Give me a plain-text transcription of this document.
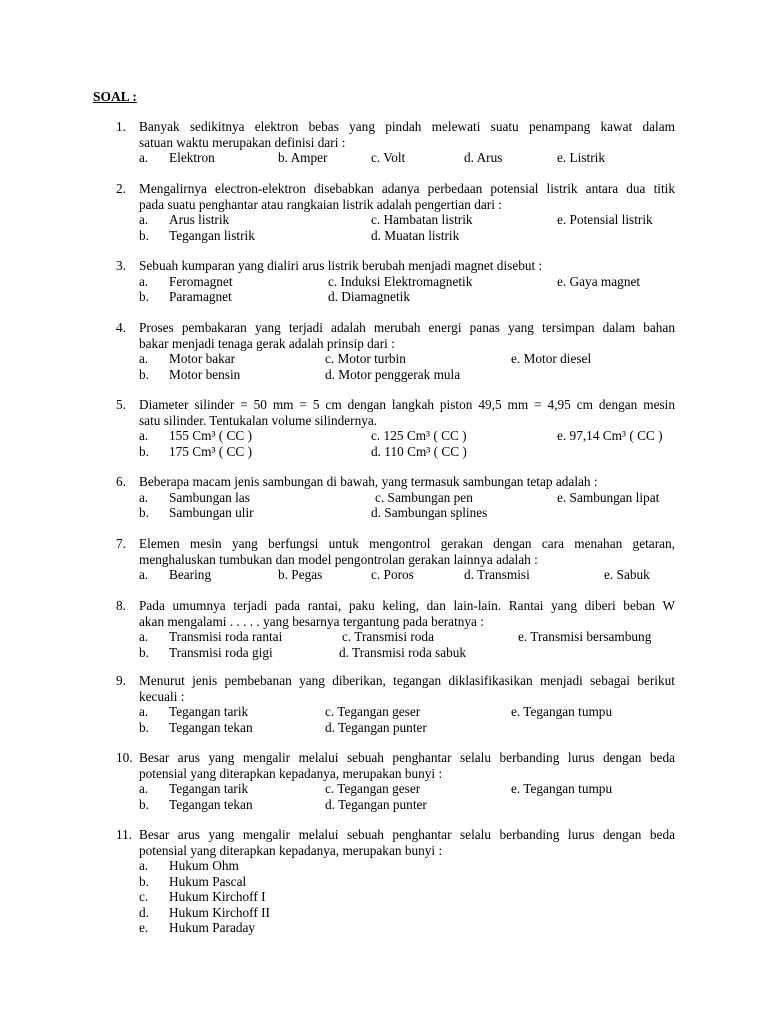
SOAL :
1. Banyak sedikitnya elektron bebas yang pindah melewati suatu penampang kawat dalam
satuan waktu merupakan definisi dari :
a. Elektron	b. Amper	c. Volt	d. Arus	e. Listrik
2. Mengalirnya electron-elektron disebabkan adanya perbedaan potensial listrik antara dua titik
pada suatu penghantar atau rangkaian listrik adalah pengertian dari :
a. Arus listrik	c. Hambatan listrik	e. Potensial listrik
b. Tegangan listrik	d. Muatan listrik
3. Sebuah kumparan yang dialiri arus listrik berubah menjadi magnet disebut :
a. Feromagnet	c. Induksi Elektromagnetik	e. Gaya magnet
b. Paramagnet	d. Diamagnetik
4. Proses pembakaran yang terjadi adalah merubah energi panas yang tersimpan dalam bahan
bakar menjadi tenaga gerak adalah prinsip dari :
a. Motor bakar	c. Motor turbin	e. Motor diesel
b. Motor bensin	d. Motor penggerak mula
5. Diameter silinder = 50 mm = 5 cm dengan langkah piston 49,5 mm = 4,95 cm dengan mesin
satu silinder. Tentukalan volume silindernya.
a. 155 Cm³ ( CC )	c. 125 Cm³ ( CC )	e. 97,14 Cm³ ( CC )
b. 175 Cm³ ( CC )	d. 110 Cm³ ( CC )
6. Beberapa macam jenis sambungan di bawah, yang termasuk sambungan tetap adalah :
a. Sambungan las	c. Sambungan pen	e. Sambungan lipat
b. Sambungan ulir	d. Sambungan splines
7. Elemen mesin yang berfungsi untuk mengontrol gerakan dengan cara menahan getaran,
menghaluskan tumbukan dan model pengontrolan gerakan lainnya adalah :
a. Bearing	b. Pegas	c. Poros	d. Transmisi	e. Sabuk
8. Pada umumnya terjadi pada rantai, paku keling, dan lain-lain. Rantai yang diberi beban W
akan mengalami . . . . . yang besarnya tergantung pada beratnya :
a. Transmisi roda rantai	c. Transmisi roda	e. Transmisi bersambung
b. Transmisi roda gigi	d. Transmisi roda sabuk
9. Menurut jenis pembebanan yang diberikan, tegangan diklasifikasikan menjadi sebagai berikut
kecuali :
a. Tegangan tarik	c. Tegangan geser	e. Tegangan tumpu
b. Tegangan tekan	d. Tegangan punter
10. Besar arus yang mengalir melalui sebuah penghantar selalu berbanding lurus dengan beda
potensial yang diterapkan kepadanya, merupakan bunyi :
a. Tegangan tarik	c. Tegangan geser	e. Tegangan tumpu
b. Tegangan tekan	d. Tegangan punter
11. Besar arus yang mengalir melalui sebuah penghantar selalu berbanding lurus dengan beda
potensial yang diterapkan kepadanya, merupakan bunyi :
a. Hukum Ohm
b. Hukum Pascal
c. Hukum Kirchoff I
d. Hukum Kirchoff II
e. Hukum Paraday
